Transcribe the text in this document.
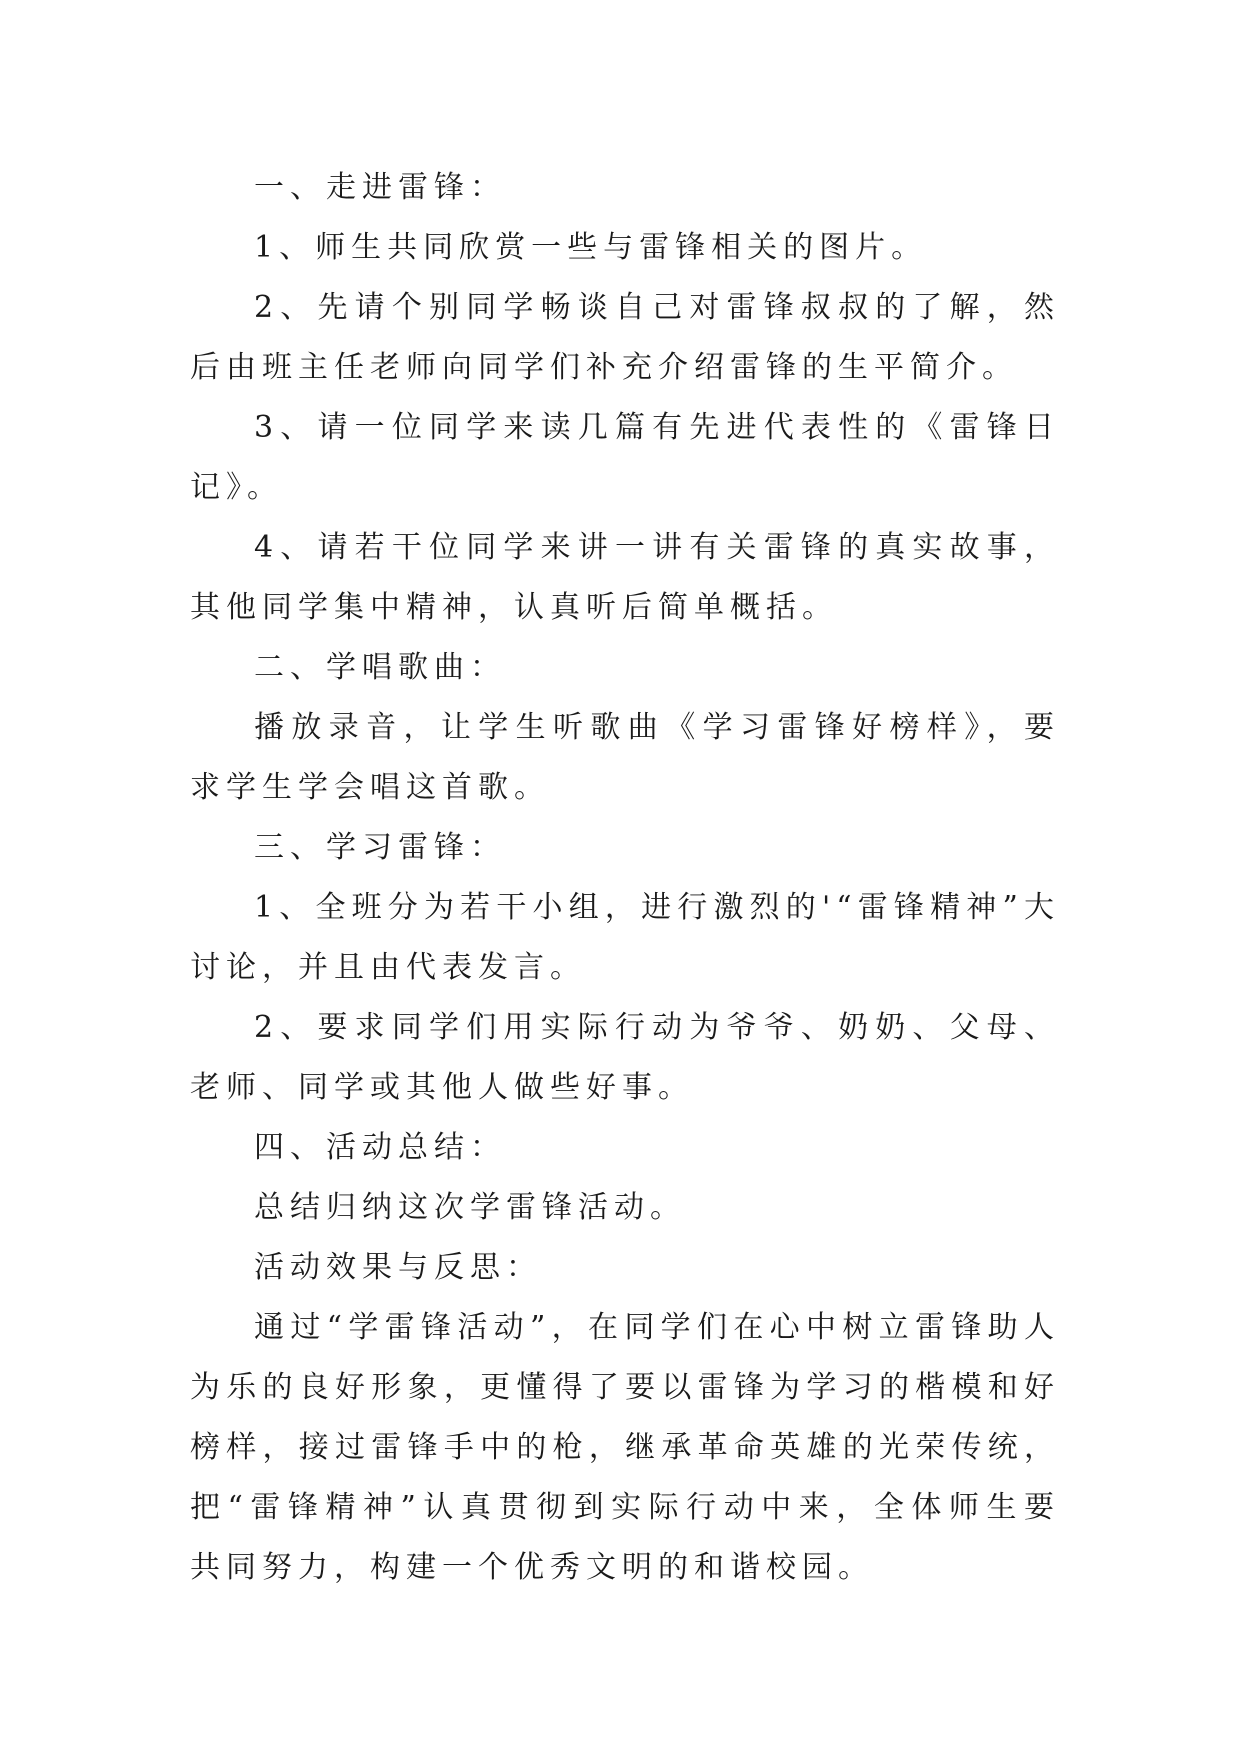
一、走进雷锋：

1、师生共同欣赏一些与雷锋相关的图片。

2、先请个别同学畅谈自己对雷锋叔叔的了解，然后由班主任老师向同学们补充介绍雷锋的生平简介。

3、请一位同学来读几篇有先进代表性的《雷锋日记》。

4、请若干位同学来讲一讲有关雷锋的真实故事，其他同学集中精神，认真听后简单概括。

二、学唱歌曲：

播放录音，让学生听歌曲《学习雷锋好榜样》，要求学生学会唱这首歌。

三、学习雷锋：

1、全班分为若干小组，进行激烈的'“雷锋精神”大讨论，并且由代表发言。

2、要求同学们用实际行动为爷爷、奶奶、父母、老师、同学或其他人做些好事。

四、活动总结：

总结归纳这次学雷锋活动。

活动效果与反思：

通过“学雷锋活动”，在同学们在心中树立雷锋助人为乐的良好形象，更懂得了要以雷锋为学习的楷模和好榜样，接过雷锋手中的枪，继承革命英雄的光荣传统，把“雷锋精神”认真贯彻到实际行动中来，全体师生要共同努力，构建一个优秀文明的和谐校园。
